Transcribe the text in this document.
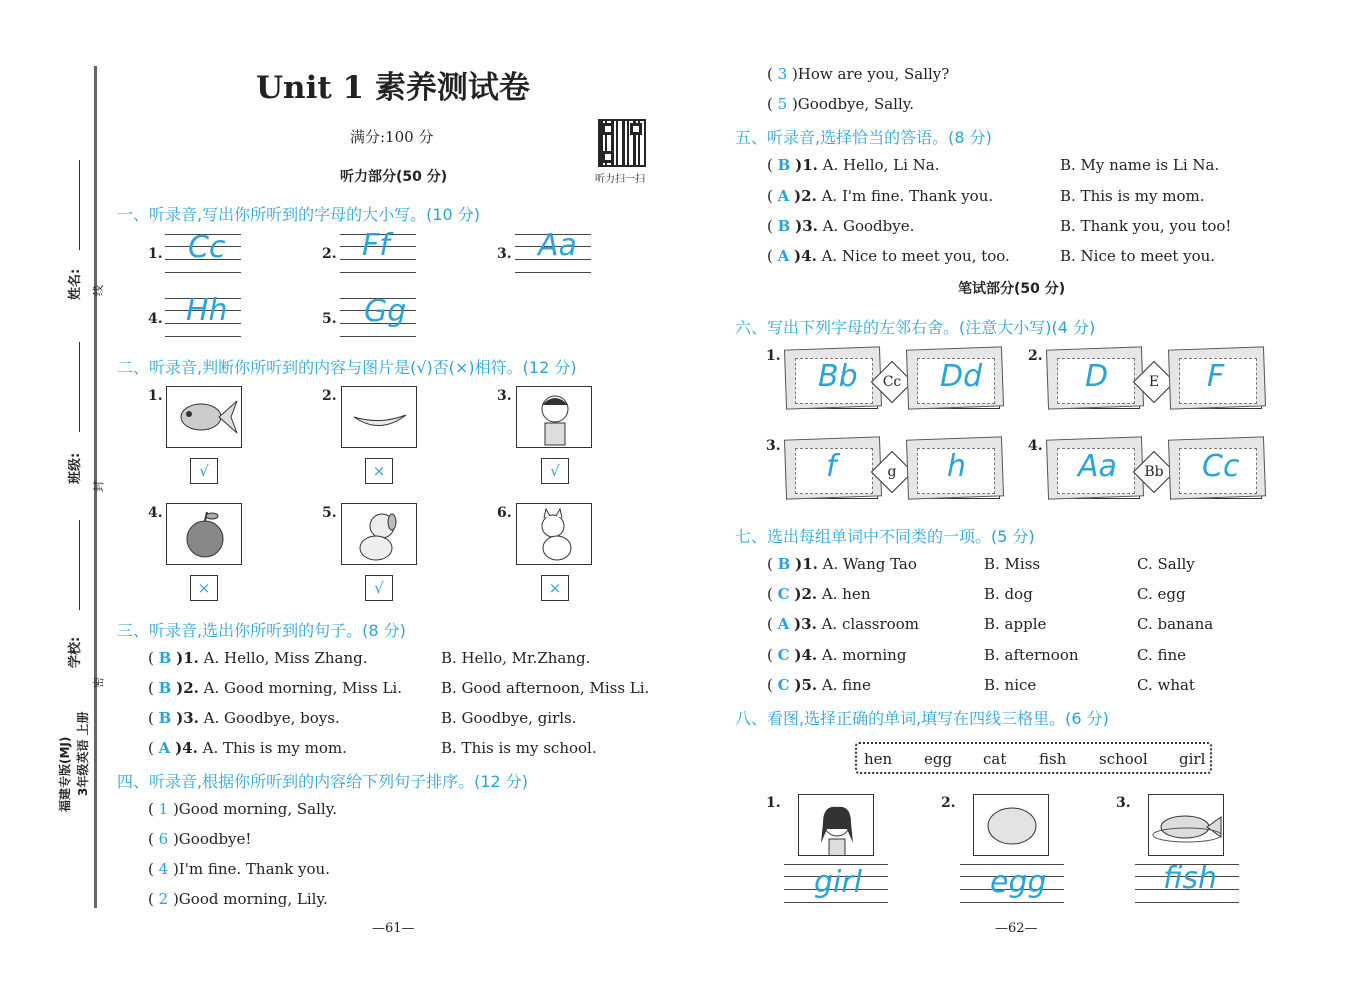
姓名: 线
班级:
封
学校:
密
福建专版(MJ) 3年级英语 上册
Unit 1 素养测试卷
满分:100 分
听力扫一扫
听力部分(50 分)
一、听录音,写出你所听到的字母的大小写。(10 分)
1. Cc	2. Ff	3. Aa
4. Hh	5. Gg
二、听录音,判断你所听到的内容与图片是(√)否(×)相符。(12 分)
1.
√
2.
×
3.
√
4.
×
5.
√
6.
×
三、听录音,选出你所听到的句子。(8 分)
( B )1. A. Hello, Miss Zhang.	B. Hello, Mr.Zhang.
( B )2. A. Good morning, Miss Li.	B. Good afternoon, Miss Li.
( B )3. A. Goodbye, boys.	B. Goodbye, girls.
( A )4. A. This is my mom.	B. This is my school.
四、听录音,根据你所听到的内容给下列句子排序。(12 分)
( 1 )Good morning, Sally.
( 6 )Goodbye!
( 4 )I'm fine. Thank you.
( 2 )Good morning, Lily.
—61—
( 3 )How are you, Sally?
( 5 )Goodbye, Sally.
五、听录音,选择恰当的答语。(8 分)
( B )1. A. Hello, Li Na.	B. My name is Li Na.
( A )2. A. I'm fine. Thank you.	B. This is my mom.
( B )3. A. Goodbye.	B. Thank you, you too!
( A )4. A. Nice to meet you, too.	B. Nice to meet you.
笔试部分(50 分)
六、写出下列字母的左邻右舍。(注意大小写)(4 分)
1.
Bb	Cc Dd
2.
D	E	F
3.
f	g	h
4.
Aa	Bb Cc
七、选出每组单词中不同类的一项。(5 分)
( B )1. A. Wang Tao	B. Miss	C. Sally
( C )2. A. hen	B. dog	C. egg
( A )3. A. classroom	B. apple	C. banana
( C )4. A. morning	B. afternoon	C. fine
( C )5. A. fine	B. nice	C. what
八、看图,选择正确的单词,填写在四线三格里。(6 分)
hen egg cat fish school girl
1.
girl
2.
egg
3.
fish
—62—
